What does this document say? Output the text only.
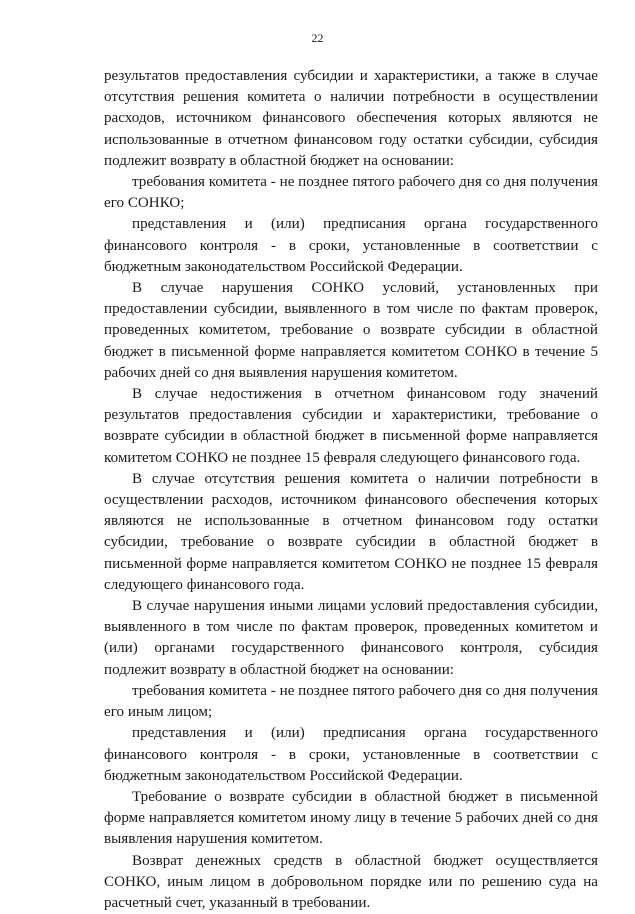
22

результатов предоставления субсидии и характеристики, а также в случае отсутствия решения комитета о наличии потребности в осуществлении расходов, источником финансового обеспечения которых являются не использованные в отчетном финансовом году остатки субсидии, субсидия подлежит возврату в областной бюджет на основании:

требования комитета - не позднее пятого рабочего дня со дня получения его СОНКО;

представления и (или) предписания органа государственного финансового контроля - в сроки, установленные в соответствии с бюджетным законодательством Российской Федерации.

В случае нарушения СОНКО условий, установленных при предоставлении субсидии, выявленного в том числе по фактам проверок, проведенных комитетом, требование о возврате субсидии в областной бюджет в письменной форме направляется комитетом СОНКО в течение 5 рабочих дней со дня выявления нарушения комитетом.

В случае недостижения в отчетном финансовом году значений результатов предоставления субсидии и характеристики, требование о возврате субсидии в областной бюджет в письменной форме направляется комитетом СОНКО не позднее 15 февраля следующего финансового года.

В случае отсутствия решения комитета о наличии потребности в осуществлении расходов, источником финансового обеспечения которых являются не использованные в отчетном финансовом году остатки субсидии, требование о возврате субсидии в областной бюджет в письменной форме направляется комитетом СОНКО не позднее 15 февраля следующего финансового года.

В случае нарушения иными лицами условий предоставления субсидии, выявленного в том числе по фактам проверок, проведенных комитетом и (или) органами государственного финансового контроля, субсидия подлежит возврату в областной бюджет на основании:

требования комитета - не позднее пятого рабочего дня со дня получения его иным лицом;

представления и (или) предписания органа государственного финансового контроля - в сроки, установленные в соответствии с бюджетным законодательством Российской Федерации.

Требование о возврате субсидии в областной бюджет в письменной форме направляется комитетом иному лицу в течение 5 рабочих дней со дня выявления нарушения комитетом.

Возврат денежных средств в областной бюджет осуществляется СОНКО, иным лицом в добровольном порядке или по решению суда на расчетный счет, указанный в требовании.
